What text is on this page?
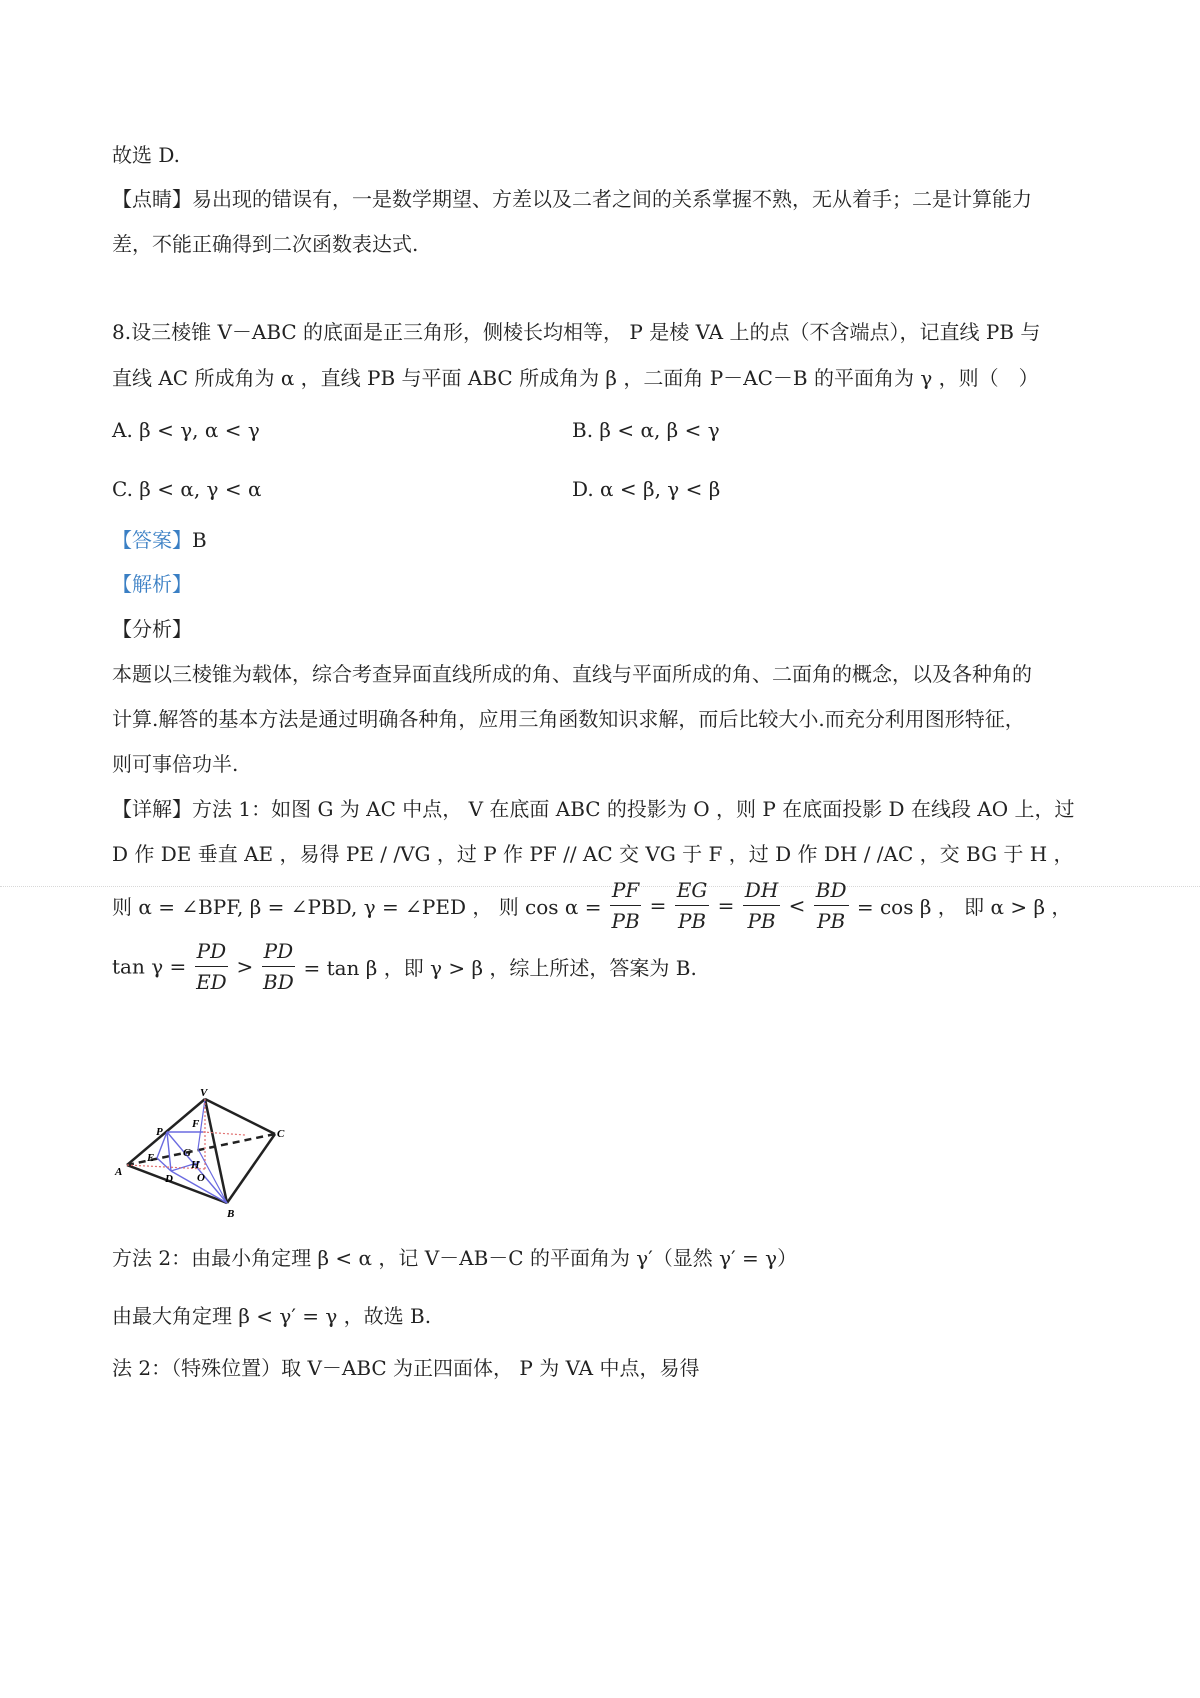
故选 D.
【点睛】易出现的错误有，一是数学期望、方差以及二者之间的关系掌握不熟，无从着手；二是计算能力
差，不能正确得到二次函数表达式.
8.设三棱锥 V－ABC 的底面是正三角形，侧棱长均相等， P 是棱 VA 上的点（不含端点），记直线 PB 与
直线 AC 所成角为 α ，直线 PB 与平面 ABC 所成角为 β ，二面角 P－AC－B 的平面角为 γ ，则（　）
A. β < γ, α < γ	B. β < α, β < γ
C. β < α, γ < α	D. α < β, γ < β
【答案】B
【解析】
【分析】
本题以三棱锥为载体，综合考查异面直线所成的角、直线与平面所成的角、二面角的概念，以及各种角的
计算.解答的基本方法是通过明确各种角，应用三角函数知识求解，而后比较大小.而充分利用图形特征，
则可事倍功半.
【详解】方法 1：如图 G 为 AC 中点， V 在底面 ABC 的投影为 O ，则 P 在底面投影 D 在线段 AO 上，过
D 作 DE 垂直 AE ，易得 PE / /VG ，过 P 作 PF // AC 交 VG 于 F ，过 D 作 DH / /AC ，交 BG 于 H ，
则 α = ∠BPF, β = ∠PBD, γ = ∠PED ， 则 $\cos \alpha = \frac{PF}{PB} = \frac{EG}{PB} = \frac{DH}{PB} < \frac{BD}{PB} = \cos \beta$ ， 即 α > β ，
$\tan \gamma = \frac{PD}{ED} > \frac{PD}{BD} = \tan \beta$ ，即 γ > β ，综上所述，答案为 B.
V
P
F
C
E	G
H
A
D O
B
方法 2：由最小角定理 β < α ，记 V－AB－C 的平面角为 γ′（显然 γ′ = γ）
由最大角定理 β < γ′ = γ ，故选 B.
法 2：（特殊位置）取 V－ABC 为正四面体， P 为 VA 中点，易得
